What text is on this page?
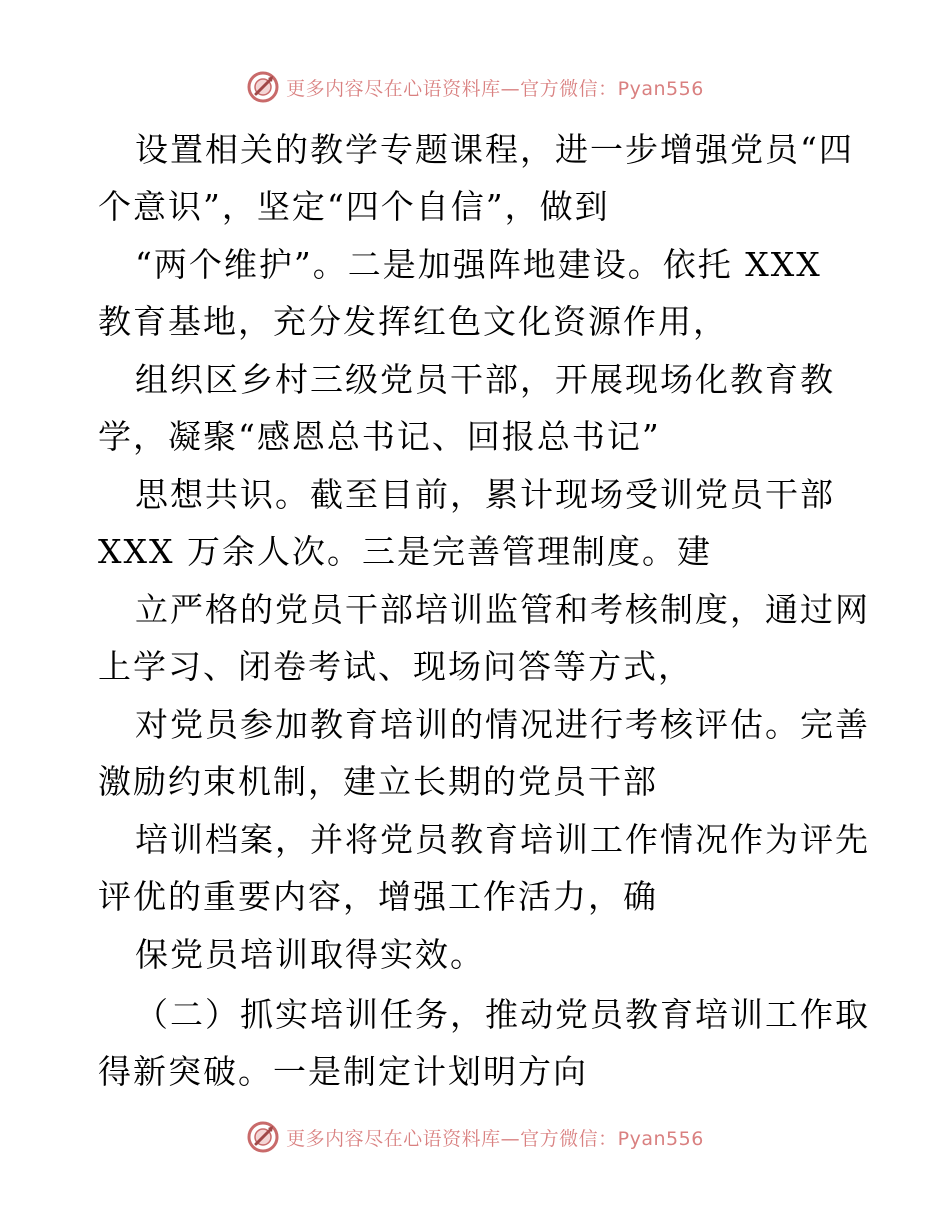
更多内容尽在心语资料库—官方微信：Pyan556
设置相关的教学专题课程，进一步增强党员“四
个意识”，坚定“四个自信”，做到
“两个维护”。二是加强阵地建设。依托 XXX
教育基地，充分发挥红色文化资源作用，
组织区乡村三级党员干部，开展现场化教育教
学，凝聚“感恩总书记、回报总书记”
思想共识。截至目前，累计现场受训党员干部
XXX 万余人次。三是完善管理制度。建
立严格的党员干部培训监管和考核制度，通过网
上学习、闭卷考试、现场问答等方式，
对党员参加教育培训的情况进行考核评估。完善
激励约束机制，建立长期的党员干部
培训档案，并将党员教育培训工作情况作为评先
评优的重要内容，增强工作活力，确
保党员培训取得实效。
（二）抓实培训任务，推动党员教育培训工作取
得新突破。一是制定计划明方向
更多内容尽在心语资料库—官方微信：Pyan556
